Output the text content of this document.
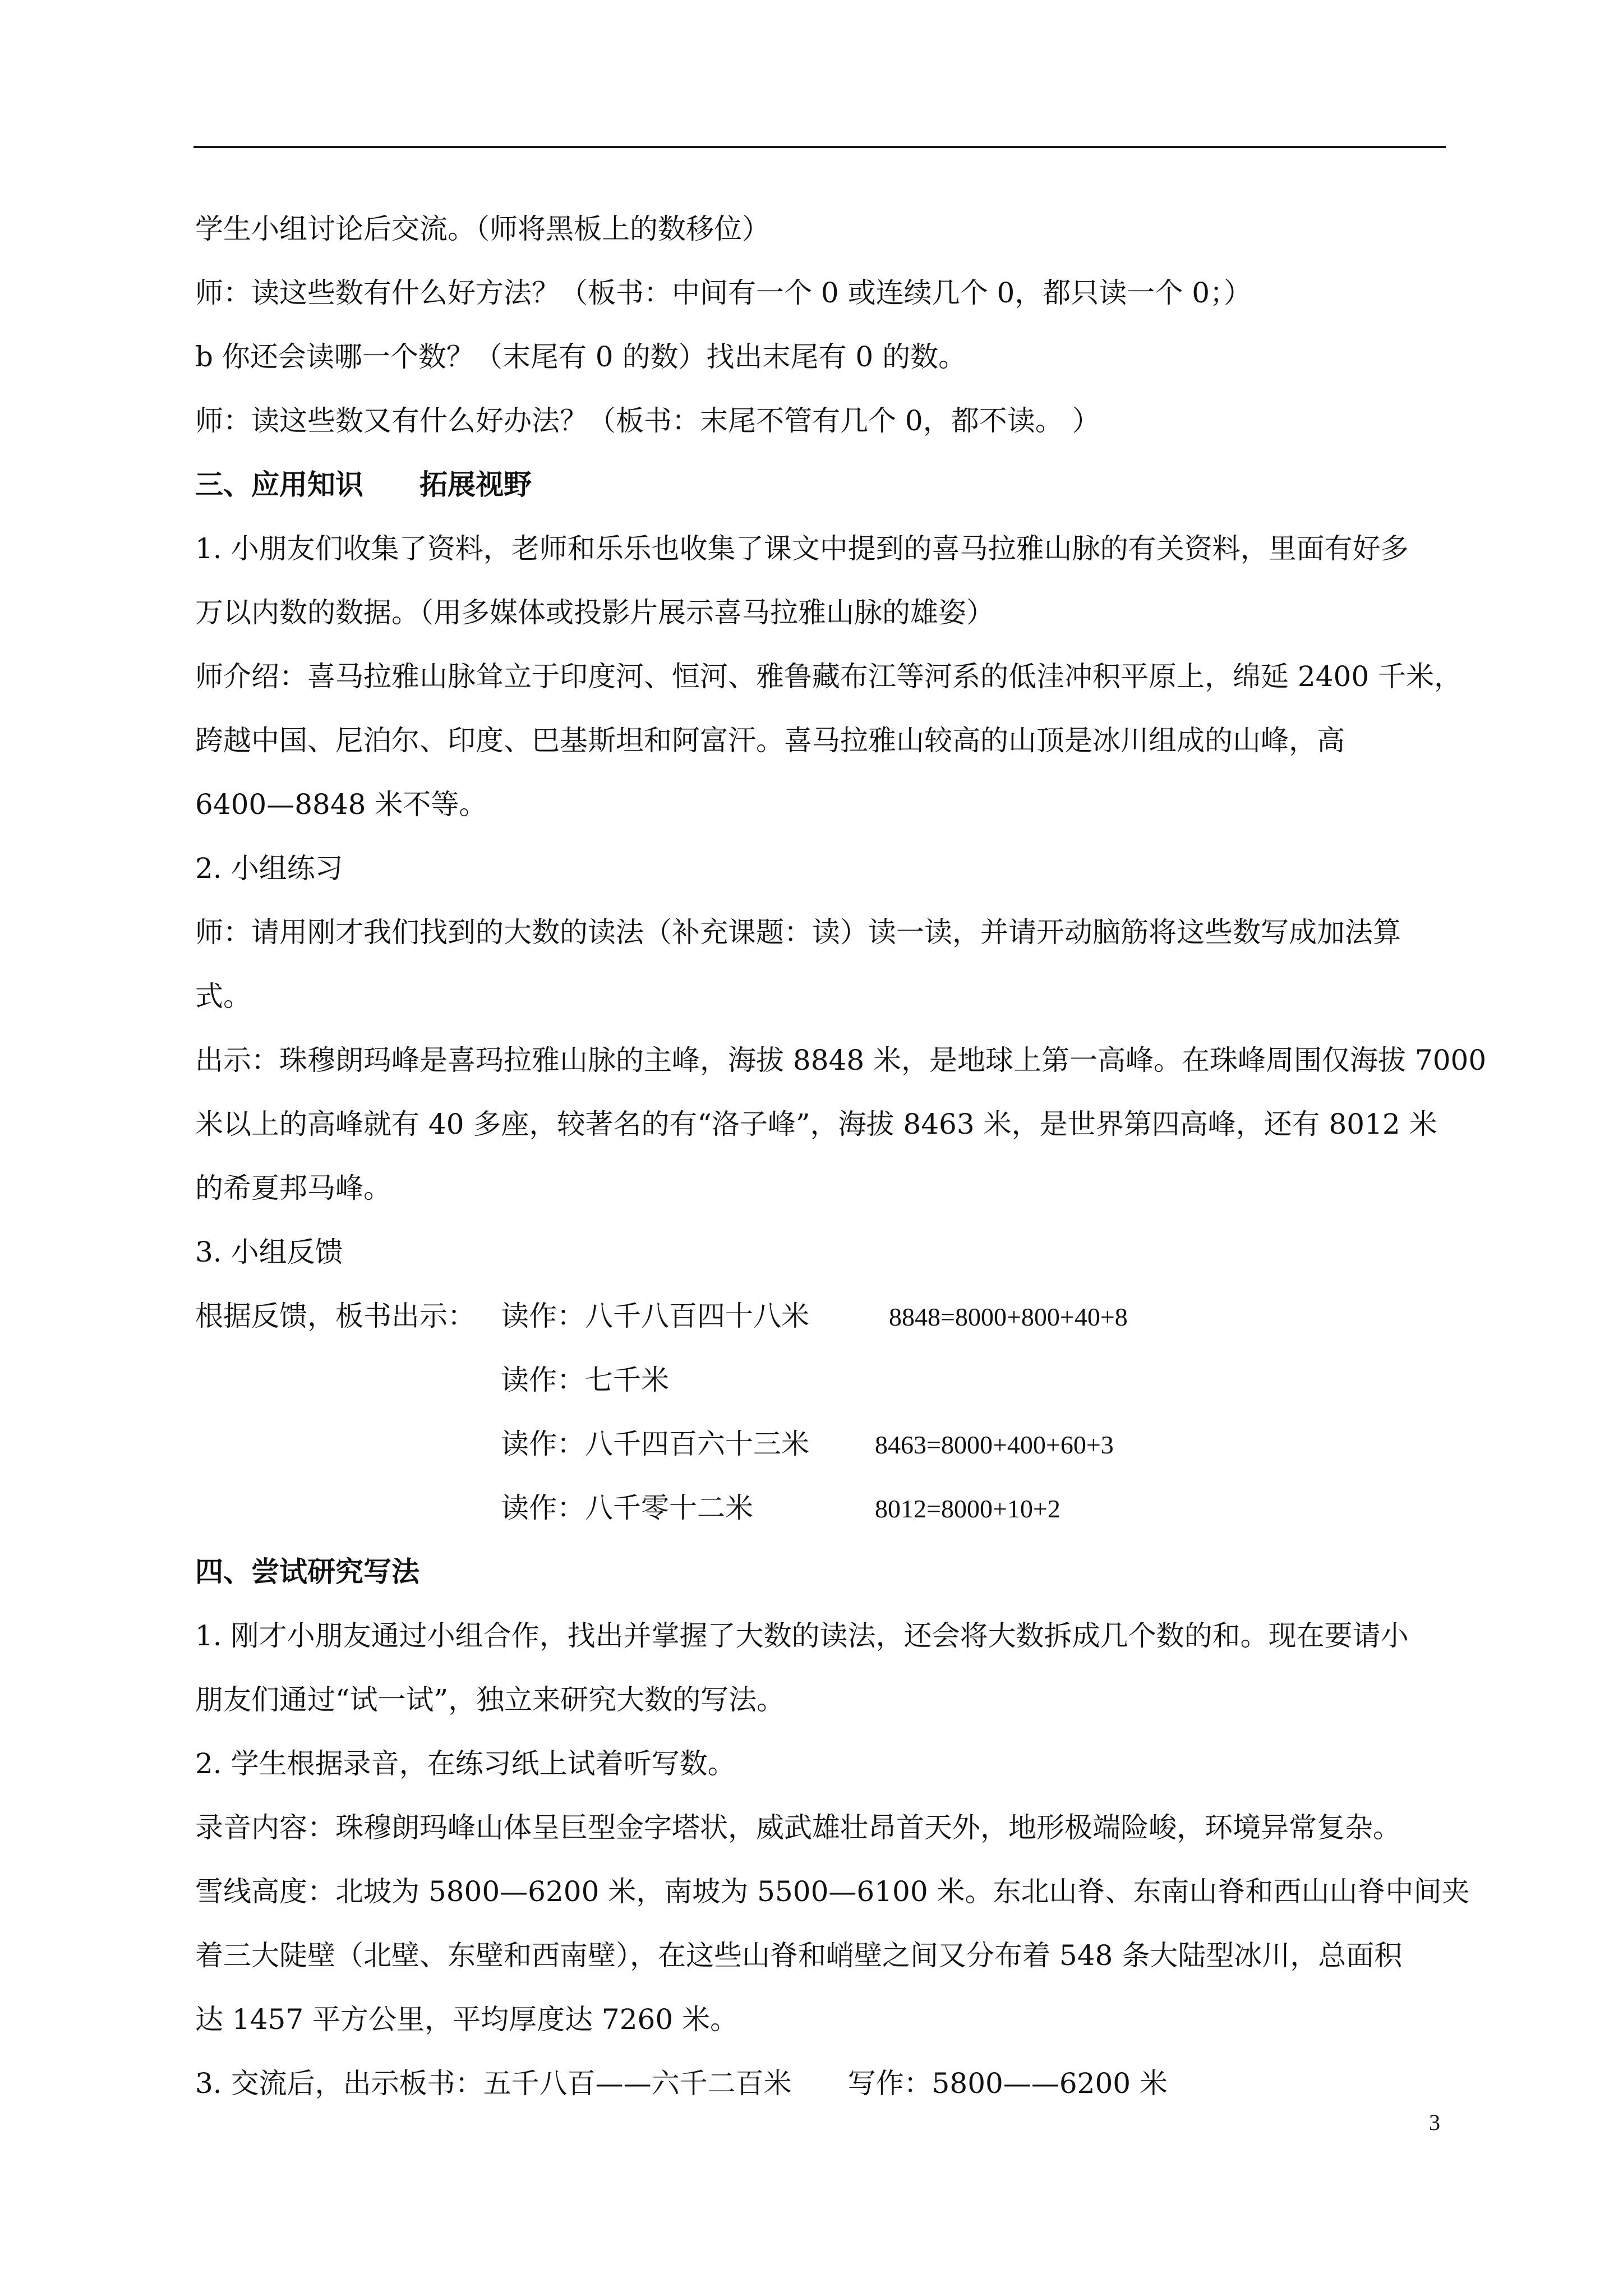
学生小组讨论后交流。（师将黑板上的数移位）
师：读这些数有什么好方法？（板书：中间有一个 0 或连续几个 0，都只读一个 0；）
b 你还会读哪一个数？（末尾有 0 的数）找出末尾有 0 的数。
师：读这些数又有什么好办法？（板书：末尾不管有几个 0，都不读。 ）
三、应用知识　　拓展视野
1. 小朋友们收集了资料，老师和乐乐也收集了课文中提到的喜马拉雅山脉的有关资料，里面有好多
万以内数的数据。（用多媒体或投影片展示喜马拉雅山脉的雄姿）
师介绍：喜马拉雅山脉耸立于印度河、恒河、雅鲁藏布江等河系的低洼冲积平原上，绵延 2400 千米，
跨越中国、尼泊尔、印度、巴基斯坦和阿富汗。喜马拉雅山较高的山顶是冰川组成的山峰，高
6400—8848 米不等。
2. 小组练习
师：请用刚才我们找到的大数的读法（补充课题：读）读一读，并请开动脑筋将这些数写成加法算
式。
出示：珠穆朗玛峰是喜玛拉雅山脉的主峰，海拔 8848 米，是地球上第一高峰。在珠峰周围仅海拔 7000
米以上的高峰就有 40 多座，较著名的有“洛子峰”，海拔 8463 米，是世界第四高峰，还有 8012 米
的希夏邦马峰。
3. 小组反馈
根据反馈，板书出示： 读作：八千八百四十八米	8848=8000+800+40+8
读作：七千米
读作：八千四百六十三米	8463=8000+400+60+3
读作：八千零十二米	8012=8000+10+2
四、尝试研究写法
1. 刚才小朋友通过小组合作，找出并掌握了大数的读法，还会将大数拆成几个数的和。现在要请小
朋友们通过“试一试”，独立来研究大数的写法。
2. 学生根据录音，在练习纸上试着听写数。
录音内容：珠穆朗玛峰山体呈巨型金字塔状，威武雄壮昂首天外，地形极端险峻，环境异常复杂。
雪线高度：北坡为 5800—6200 米，南坡为 5500—6100 米。东北山脊、东南山脊和西山山脊中间夹
着三大陡壁（北壁、东壁和西南壁），在这些山脊和峭壁之间又分布着 548 条大陆型冰川，总面积
达 1457 平方公里，平均厚度达 7260 米。
3. 交流后，出示板书：五千八百——六千二百米　　写作：5800——6200 米
3
